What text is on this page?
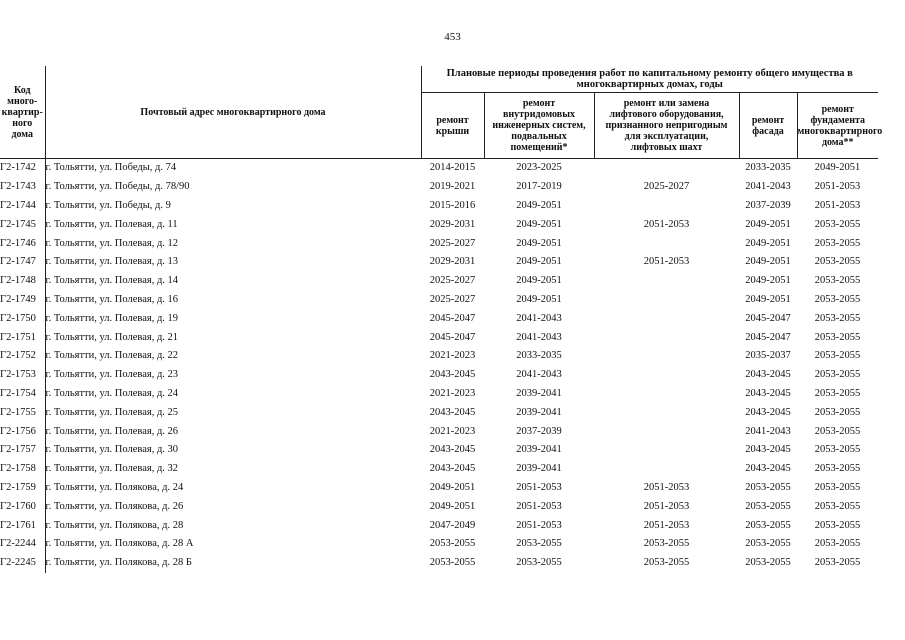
453
Код
много-
квартир-
ного
дома	Почтовый адрес многоквартирного дома	Плановые периоды проведения работ по капитальному ремонту общего имущества в
многоквартирных домах, годы				

		ремонт
крыши	ремонт
внутридомовых
инженерных систем,
подвальных
помещений*	ремонт или замена
лифтового оборудования,
признанного непригодным
для эксплуатации,
лифтовых шахт	ремонт
фасада	ремонт
фундамента
многоквартирного
дома**

Г2-1742	г. Тольятти, ул. Победы, д. 74	2014-2015	2023-2025		2033-2035	2049-2051
Г2-1743	г. Тольятти, ул. Победы, д. 78/90	2019-2021	2017-2019	2025-2027	2041-2043	2051-2053
Г2-1744	г. Тольятти, ул. Победы, д. 9	2015-2016	2049-2051		2037-2039	2051-2053
Г2-1745	г. Тольятти, ул. Полевая, д. 11	2029-2031	2049-2051	2051-2053	2049-2051	2053-2055
Г2-1746	г. Тольятти, ул. Полевая, д. 12	2025-2027	2049-2051		2049-2051	2053-2055
Г2-1747	г. Тольятти, ул. Полевая, д. 13	2029-2031	2049-2051	2051-2053	2049-2051	2053-2055
Г2-1748	г. Тольятти, ул. Полевая, д. 14	2025-2027	2049-2051		2049-2051	2053-2055
Г2-1749	г. Тольятти, ул. Полевая, д. 16	2025-2027	2049-2051		2049-2051	2053-2055
Г2-1750	г. Тольятти, ул. Полевая, д. 19	2045-2047	2041-2043		2045-2047	2053-2055
Г2-1751	г. Тольятти, ул. Полевая, д. 21	2045-2047	2041-2043		2045-2047	2053-2055
Г2-1752	г. Тольятти, ул. Полевая, д. 22	2021-2023	2033-2035		2035-2037	2053-2055
Г2-1753	г. Тольятти, ул. Полевая, д. 23	2043-2045	2041-2043		2043-2045	2053-2055
Г2-1754	г. Тольятти, ул. Полевая, д. 24	2021-2023	2039-2041		2043-2045	2053-2055
Г2-1755	г. Тольятти, ул. Полевая, д. 25	2043-2045	2039-2041		2043-2045	2053-2055
Г2-1756	г. Тольятти, ул. Полевая, д. 26	2021-2023	2037-2039		2041-2043	2053-2055
Г2-1757	г. Тольятти, ул. Полевая, д. 30	2043-2045	2039-2041		2043-2045	2053-2055
Г2-1758	г. Тольятти, ул. Полевая, д. 32	2043-2045	2039-2041		2043-2045	2053-2055
Г2-1759	г. Тольятти, ул. Полякова, д. 24	2049-2051	2051-2053	2051-2053	2053-2055	2053-2055
Г2-1760	г. Тольятти, ул. Полякова, д. 26	2049-2051	2051-2053	2051-2053	2053-2055	2053-2055
Г2-1761	г. Тольятти, ул. Полякова, д. 28	2047-2049	2051-2053	2051-2053	2053-2055	2053-2055
Г2-2244	г. Тольятти, ул. Полякова, д. 28 А	2053-2055	2053-2055	2053-2055	2053-2055	2053-2055
Г2-2245	г. Тольятти, ул. Полякова, д. 28 Б	2053-2055	2053-2055	2053-2055	2053-2055	2053-2055
